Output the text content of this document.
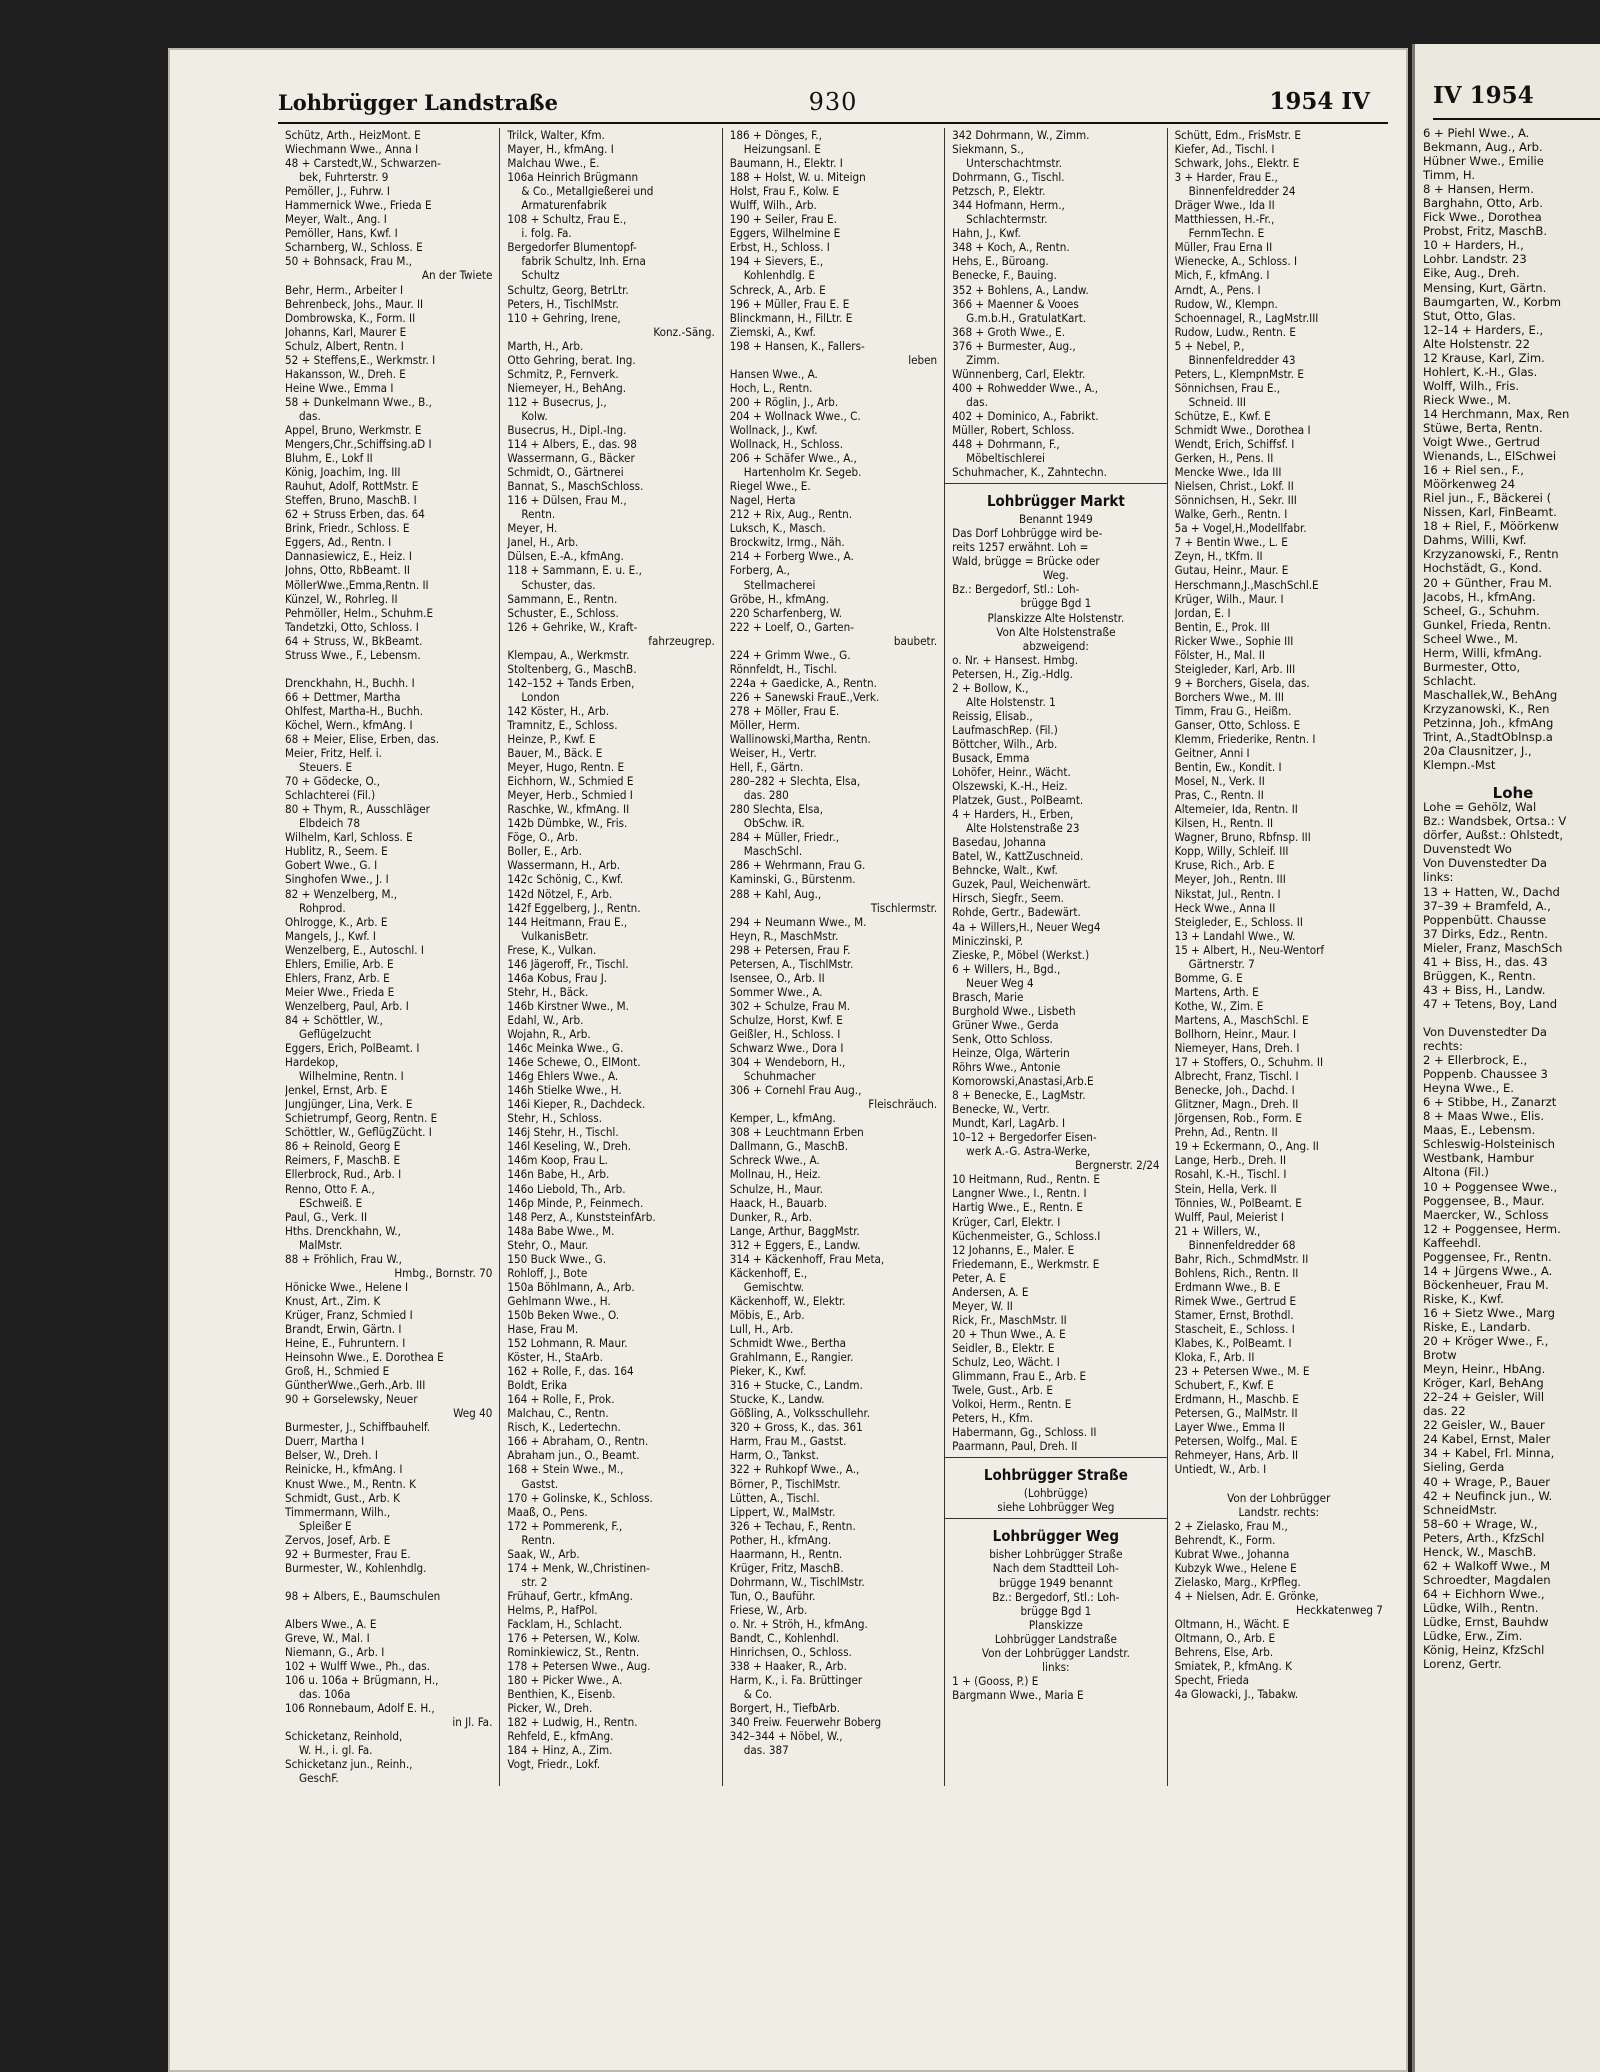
Lohbrügger Landstraße	930	1954 IV
Schütz, Arth., HeizMont. E
Wiechmann Wwe., Anna I
48 + Carstedt,W., Schwarzen-
bek, Fuhrterstr. 9
Pemöller, J., Fuhrw. I
Hammernick Wwe., Frieda E
Meyer, Walt., Ang. I
Pemöller, Hans, Kwf. I
Scharnberg, W., Schloss. E
50 + Bohnsack, Frau M.,
An der Twiete
Behr, Herm., Arbeiter I
Behrenbeck, Johs., Maur. II
Dombrowska, K., Form. II
Johanns, Karl, Maurer E
Schulz, Albert, Rentn. I
52 + Steffens,E., Werkmstr. I
Hakansson, W., Dreh. E
Heine Wwe., Emma I
58 + Dunkelmann Wwe., B.,
das.
Appel, Bruno, Werkmstr. E
Mengers,Chr.,Schiffsing.aD I
Bluhm, E., Lokf II
König, Joachim, Ing. III
Rauhut, Adolf, RottMstr. E
Steffen, Bruno, MaschB. I
62 + Struss Erben, das. 64
Brink, Friedr., Schloss. E
Eggers, Ad., Rentn. I
Dannasiewicz, E., Heiz. I
Johns, Otto, RbBeamt. II
MöllerWwe.,Emma,Rentn. II
Künzel, W., Rohrleg. II
Pehmöller, Helm., Schuhm.E
Tandetzki, Otto, Schloss. I
64 + Struss, W., BkBeamt.
Struss Wwe., F., Lebensm.

Drenckhahn, H., Buchh. I
66 + Dettmer, Martha
Ohlfest, Martha-H., Buchh.
Köchel, Wern., kfmAng. I
68 + Meier, Elise, Erben, das.
Meier, Fritz, Helf. i.
Steuers. E
70 + Gödecke, O.,
Schlachterei (Fil.)
80 + Thym, R., Ausschläger
Elbdeich 78
Wilhelm, Karl, Schloss. E
Hublitz, R., Seem. E
Gobert Wwe., G. I
Singhofen Wwe., J. I
82 + Wenzelberg, M.,
Rohprod.
Ohlrogge, K., Arb. E
Mangels, J., Kwf. I
Wenzelberg, E., Autoschl. I
Ehlers, Emilie, Arb. E
Ehlers, Franz, Arb. E
Meier Wwe., Frieda E
Wenzelberg, Paul, Arb. I
84 + Schöttler, W.,
Geflügelzucht
Eggers, Erich, PolBeamt. I
Hardekop,
Wilhelmine, Rentn. I
Jenkel, Ernst, Arb. E
Jungjünger, Lina, Verk. E
Schietrumpf, Georg, Rentn. E
Schöttler, W., GeflügZücht. I
86 + Reinold, Georg E
Reimers, F, MaschB. E
Ellerbrock, Rud., Arb. I
Renno, Otto F. A.,
ESchweiß. E
Paul, G., Verk. II
Hths. Drenckhahn, W.,
MalMstr.
88 + Fröhlich, Frau W.,
Hmbg., Bornstr. 70
Hönicke Wwe., Helene I
Knust, Art., Zim. K
Krüger, Franz, Schmied I
Brandt, Erwin, Gärtn. I
Heine, E., Fuhruntern. I
Heinsohn Wwe., E. Dorothea E
Groß, H., Schmied E
GüntherWwe.,Gerh.,Arb. III
90 + Gorselewsky, Neuer
Weg 40
Burmester, J., Schiffbauhelf.
Duerr, Martha I
Belser, W., Dreh. I
Reinicke, H., kfmAng. I
Knust Wwe., M., Rentn. K
Schmidt, Gust., Arb. K
Timmermann, Wilh.,
Spleißer E
Zervos, Josef, Arb. E
92 + Burmester, Frau E.
Burmester, W., Kohlenhdlg.

98 + Albers, E., Baumschulen

Albers Wwe., A. E
Greve, W., Mal. I
Niemann, G., Arb. I
102 + Wulff Wwe., Ph., das.
106 u. 106a + Brügmann, H.,
das. 106a
106 Ronnebaum, Adolf E. H.,
in Jl. Fa.
Schicketanz, Reinhold,
W. H., i. gl. Fa.
Schicketanz jun., Reinh.,
GeschF.
Trilck, Walter, Kfm.
Mayer, H., kfmAng. I
Malchau Wwe., E.
106a Heinrich Brügmann
& Co., Metallgießerei und
Armaturenfabrik
108 + Schultz, Frau E.,
i. folg. Fa.
Bergedorfer Blumentopf-
fabrik Schultz, Inh. Erna
Schultz
Schultz, Georg, BetrLtr.
Peters, H., TischlMstr.
110 + Gehring, Irene,
Konz.-Säng.
Marth, H., Arb.
Otto Gehring, berat. Ing.
Schmitz, P., Fernverk.
Niemeyer, H., BehAng.
112 + Busecrus, J.,
Kolw.
Busecrus, H., Dipl.-Ing.
114 + Albers, E., das. 98
Wassermann, G., Bäcker
Schmidt, O., Gärtnerei
Bannat, S., MaschSchloss.
116 + Dülsen, Frau M.,
Rentn.
Meyer, H.
Janel, H., Arb.
Dülsen, E.-A., kfmAng.
118 + Sammann, E. u. E.,
Schuster, das.
Sammann, E., Rentn.
Schuster, E., Schloss.
126 + Gehrike, W., Kraft-
fahrzeugrep.
Klempau, A., Werkmstr.
Stoltenberg, G., MaschB.
142–152 + Tands Erben,
London
142 Köster, H., Arb.
Tramnitz, E., Schloss.
Heinze, P., Kwf. E
Bauer, M., Bäck. E
Meyer, Hugo, Rentn. E
Eichhorn, W., Schmied E
Meyer, Herb., Schmied I
Raschke, W., kfmAng. II
142b Dümbke, W., Fris.
Föge, O., Arb.
Boller, E., Arb.
Wassermann, H., Arb.
142c Schönig, C., Kwf.
142d Nötzel, F., Arb.
142f Eggelberg, J., Rentn.
144 Heitmann, Frau E.,
VulkanisBetr.
Frese, K., Vulkan.
146 Jägeroff, Fr., Tischl.
146a Kobus, Frau J.
Stehr, H., Bäck.
146b Kirstner Wwe., M.
Edahl, W., Arb.
Wojahn, R., Arb.
146c Meinka Wwe., G.
146e Schewe, O., ElMont.
146g Ehlers Wwe., A.
146h Stielke Wwe., H.
146i Kieper, R., Dachdeck.
Stehr, H., Schloss.
146j Stehr, H., Tischl.
146l Keseling, W., Dreh.
146m Koop, Frau L.
146n Babe, H., Arb.
146o Liebold, Th., Arb.
146p Minde, P., Feinmech.
148 Perz, A., KunststeinfArb.
148a Babe Wwe., M.
Stehr, O., Maur.
150 Buck Wwe., G.
Rohloff, J., Bote
150a Böhlmann, A., Arb.
Gehlmann Wwe., H.
150b Beken Wwe., O.
Hase, Frau M.
152 Lohmann, R. Maur.
Köster, H., StaArb.
162 + Rolle, F., das. 164
Boldt, Erika
164 + Rolle, F., Prok.
Malchau, C., Rentn.
Risch, K., Ledertechn.
166 + Abraham, O., Rentn.
Abraham jun., O., Beamt.
168 + Stein Wwe., M.,
Gastst.
170 + Golinske, K., Schloss.
Maaß, O., Pens.
172 + Pommerenk, F.,
Rentn.
Saak, W., Arb.
174 + Menk, W.,Christinen-
str. 2
Frühauf, Gertr., kfmAng.
Helms, P., HafPol.
Facklam, H., Schlacht.
176 + Petersen, W., Kolw.
Rominkiewicz, St., Rentn.
178 + Petersen Wwe., Aug.
180 + Picker Wwe., A.
Benthien, K., Eisenb.
Picker, W., Dreh.
182 + Ludwig, H., Rentn.
Rehfeld, E., kfmAng.
184 + Hinz, A., Zim.
Vogt, Friedr., Lokf.
186 + Dönges, F.,
Heizungsanl. E
Baumann, H., Elektr. I
188 + Holst, W. u. Miteign
Holst, Frau F., Kolw. E
Wulff, Wilh., Arb.
190 + Seiler, Frau E.
Eggers, Wilhelmine E
Erbst, H., Schloss. I
194 + Sievers, E.,
Kohlenhdlg. E
Schreck, A., Arb. E
196 + Müller, Frau E. E
Blinckmann, H., FilLtr. E
Ziemski, A., Kwf.
198 + Hansen, K., Fallers-
leben
Hansen Wwe., A.
Hoch, L., Rentn.
200 + Röglin, J., Arb.
204 + Wollnack Wwe., C.
Wollnack, J., Kwf.
Wollnack, H., Schloss.
206 + Schäfer Wwe., A.,
Hartenholm Kr. Segeb.
Riegel Wwe., E.
Nagel, Herta
212 + Rix, Aug., Rentn.
Luksch, K., Masch.
Brockwitz, Irmg., Näh.
214 + Forberg Wwe., A.
Forberg, A.,
Stellmacherei
Gröbe, H., kfmAng.
220 Scharfenberg, W.
222 + Loelf, O., Garten-
baubetr.
224 + Grimm Wwe., G.
Rönnfeldt, H., Tischl.
224a + Gaedicke, A., Rentn.
226 + Sanewski FrauE.,Verk.
278 + Möller, Frau E.
Möller, Herm.
Wallinowski,Martha, Rentn.
Weiser, H., Vertr.
Hell, F., Gärtn.
280–282 + Slechta, Elsa,
das. 280
280 Slechta, Elsa,
ObSchw. iR.
284 + Müller, Friedr.,
MaschSchl.
286 + Wehrmann, Frau G.
Kaminski, G., Bürstenm.
288 + Kahl, Aug.,
Tischlermstr.
294 + Neumann Wwe., M.
Heyn, R., MaschMstr.
298 + Petersen, Frau F.
Petersen, A., TischlMstr.
Isensee, O., Arb. II
Sommer Wwe., A.
302 + Schulze, Frau M.
Schulze, Horst, Kwf. E
Geißler, H., Schloss. I
Schwarz Wwe., Dora I
304 + Wendeborn, H.,
Schuhmacher
306 + Cornehl Frau Aug.,
Fleischräuch.
Kemper, L., kfmAng.
308 + Leuchtmann Erben
Dallmann, G., MaschB.
Schreck Wwe., A.
Mollnau, H., Heiz.
Schulze, H., Maur.
Haack, H., Bauarb.
Dunker, R., Arb.
Lange, Arthur, BaggMstr.
312 + Eggers, E., Landw.
314 + Käckenhoff, Frau Meta,
Käckenhoff, E.,
Gemischtw.
Käckenhoff, W., Elektr.
Möbis, E., Arb.
Lull, H., Arb.
Schmidt Wwe., Bertha
Grahlmann, E., Rangier.
Pieker, K., Kwf.
316 + Stucke, C., Landm.
Stucke, K., Landw.
Gößling, A., Volksschullehr.
320 + Gross, K., das. 361
Harm, Frau M., Gastst.
Harm, O., Tankst.
322 + Ruhkopf Wwe., A.,
Börner, P., TischlMstr.
Lütten, A., Tischl.
Lippert, W., MalMstr.
326 + Techau, F., Rentn.
Pother, H., kfmAng.
Haarmann, H., Rentn.
Krüger, Fritz, MaschB.
Dohrmann, W., TischlMstr.
Tun, O., Bauführ.
Friese, W., Arb.
o. Nr. + Ströh, H., kfmAng.
Bandt, C., Kohlenhdl.
Hinrichsen, O., Schloss.
338 + Haaker, R., Arb.
Harm, K., i. Fa. Brüttinger
& Co.
Borgert, H., TiefbArb.
340 Freiw. Feuerwehr Boberg
342–344 + Nöbel, W.,
das. 387
342 Dohrmann, W., Zimm.
Siekmann, S.,
Unterschachtmstr.
Dohrmann, G., Tischl.
Petzsch, P., Elektr.
344 Hofmann, Herm.,
Schlachtermstr.
Hahn, J., Kwf.
348 + Koch, A., Rentn.
Hehs, E., Büroang.
Benecke, F., Bauing.
352 + Bohlens, A., Landw.
366 + Maenner & Vooes
G.m.b.H., GratulatKart.
368 + Groth Wwe., E.
376 + Burmester, Aug.,
Zimm.
Wünnenberg, Carl, Elektr.
400 + Rohwedder Wwe., A.,
das.
402 + Dominico, A., Fabrikt.
Müller, Robert, Schloss.
448 + Dohrmann, F.,
Möbeltischlerei
Schuhmacher, K., Zahntechn.
Lohbrügger Markt
Benannt 1949
Das Dorf Lohbrügge wird be-
reits 1257 erwähnt. Loh =
Wald, brügge = Brücke oder
Weg.
Bz.: Bergedorf, Stl.: Loh-
brügge Bgd 1
Planskizze Alte Holstenstr.
Von Alte Holstenstraße
abzweigend:
o. Nr. + Hansest. Hmbg.
Petersen, H., Zig.-Hdlg.
2 + Bollow, K.,
Alte Holstenstr. 1
Reissig, Elisab.,
LaufmaschRep. (Fil.)
Böttcher, Wilh., Arb.
Busack, Emma
Lohöfer, Heinr., Wächt.
Olszewski, K.-H., Heiz.
Platzek, Gust., PolBeamt.
4 + Harders, H., Erben,
Alte Holstenstraße 23
Basedau, Johanna
Batel, W., KattZuschneid.
Behncke, Walt., Kwf.
Guzek, Paul, Weichenwärt.
Hirsch, Siegfr., Seem.
Rohde, Gertr., Badewärt.
4a + Willers,H., Neuer Weg4
Miniczinski, P.
Zieske, P., Möbel (Werkst.)
6 + Willers, H., Bgd.,
Neuer Weg 4
Brasch, Marie
Burghold Wwe., Lisbeth
Grüner Wwe., Gerda
Senk, Otto Schloss.
Heinze, Olga, Wärterin
Röhrs Wwe., Antonie
Komorowski,Anastasi,Arb.E
8 + Benecke, E., LagMstr.
Benecke, W., Vertr.
Mundt, Karl, LagArb. I
10–12 + Bergedorfer Eisen-
werk A.-G. Astra-Werke,
Bergnerstr. 2/24
10 Heitmann, Rud., Rentn. E
Langner Wwe., I., Rentn. I
Hartig Wwe., E., Rentn. E
Krüger, Carl, Elektr. I
Küchenmeister, G., Schloss.I
12 Johanns, E., Maler. E
Friedemann, E., Werkmstr. E
Peter, A. E
Andersen, A. E
Meyer, W. II
Rick, Fr., MaschMstr. II
20 + Thun Wwe., A. E
Seidler, B., Elektr. E
Schulz, Leo, Wächt. I
Glimmann, Frau E., Arb. E
Twele, Gust., Arb. E
Volkoi, Herm., Rentn. E
Peters, H., Kfm.
Habermann, Gg., Schloss. II
Paarmann, Paul, Dreh. II
Lohbrügger Straße
(Lohbrügge)
siehe Lohbrügger Weg
Lohbrügger Weg
bisher Lohbrügger Straße
Nach dem Stadtteil Loh-
brügge 1949 benannt
Bz.: Bergedorf, Stl.: Loh-
brügge Bgd 1
Planskizze
Lohbrügger Landstraße
Von der Lohbrügger Landstr.
links:
1 + (Gooss, P.) E
Bargmann Wwe., Maria E
Schütt, Edm., FrisMstr. E
Kiefer, Ad., Tischl. I
Schwark, Johs., Elektr. E
3 + Harder, Frau E.,
Binnenfeldredder 24
Dräger Wwe., Ida II
Matthiessen, H.-Fr.,
FernmTechn. E
Müller, Frau Erna II
Wienecke, A., Schloss. I
Mich, F., kfmAng. I
Arndt, A., Pens. I
Rudow, W., Klempn.
Schoennagel, R., LagMstr.III
Rudow, Ludw., Rentn. E
5 + Nebel, P.,
Binnenfeldredder 43
Peters, L., KlempnMstr. E
Sönnichsen, Frau E.,
Schneid. III
Schütze, E., Kwf. E
Schmidt Wwe., Dorothea I
Wendt, Erich, Schiffsf. I
Gerken, H., Pens. II
Mencke Wwe., Ida III
Nielsen, Christ., Lokf. II
Sönnichsen, H., Sekr. III
Walke, Gerh., Rentn. I
5a + Vogel,H.,Modellfabr.
7 + Bentin Wwe., L. E
Zeyn, H., tKfm. II
Gutau, Heinr., Maur. E
Herschmann,J.,MaschSchl.E
Krüger, Wilh., Maur. I
Jordan, E. I
Bentin, E., Prok. III
Ricker Wwe., Sophie III
Fölster, H., Mal. II
Steigleder, Karl, Arb. III
9 + Borchers, Gisela, das.
Borchers Wwe., M. III
Timm, Frau G., Heißm.
Ganser, Otto, Schloss. E
Klemm, Friederike, Rentn. I
Geitner, Anni I
Bentin, Ew., Kondit. I
Mosel, N., Verk. II
Pras, C., Rentn. II
Altemeier, Ida, Rentn. II
Kilsen, H., Rentn. II
Wagner, Bruno, Rbfnsp. III
Kopp, Willy, Schleif. III
Kruse, Rich., Arb. E
Meyer, Joh., Rentn. III
Nikstat, Jul., Rentn. I
Heck Wwe., Anna II
Steigleder, E., Schloss. II
13 + Landahl Wwe., W.
15 + Albert, H., Neu-Wentorf
Gärtnerstr. 7
Bomme, G. E
Martens, Arth. E
Kothe, W., Zim. E
Martens, A., MaschSchl. E
Bollhorn, Heinr., Maur. I
Niemeyer, Hans, Dreh. I
17 + Stoffers, O., Schuhm. II
Albrecht, Franz, Tischl. I
Benecke, Joh., Dachd. I
Glitzner, Magn., Dreh. II
Jörgensen, Rob., Form. E
Prehn, Ad., Rentn. II
19 + Eckermann, O., Ang. II
Lange, Herb., Dreh. II
Rosahl, K.-H., Tischl. I
Stein, Hella, Verk. II
Tönnies, W., PolBeamt. E
Wulff, Paul, Meierist I
21 + Willers, W.,
Binnenfeldredder 68
Bahr, Rich., SchmdMstr. II
Bohlens, Rich., Rentn. II
Erdmann Wwe., B. E
Rimek Wwe., Gertrud E
Stamer, Ernst, Brothdl.
Stascheit, E., Schloss. I
Klabes, K., PolBeamt. I
Kloka, F., Arb. II
23 + Petersen Wwe., M. E
Schubert, F., Kwf. E
Erdmann, H., Maschb. E
Petersen, G., MalMstr. II
Layer Wwe., Emma II
Petersen, Wolfg., Mal. E
Rehmeyer, Hans, Arb. II
Untiedt, W., Arb. I

Von der Lohbrügger
Landstr. rechts:
2 + Zielasko, Frau M.,
Behrendt, K., Form.
Kubrat Wwe., Johanna
Kubzyk Wwe., Helene E
Zielasko, Marg., KrPfleg.
4 + Nielsen, Adr. E. Grönke,
Heckkatenweg 7
Oltmann, H., Wächt. E
Oltmann, O., Arb. E
Behrens, Else, Arb.
Smiatek, P., kfmAng. K
Specht, Frieda
4a Glowacki, J., Tabakw.
IV 1954
6 + Piehl Wwe., A.
Bekmann, Aug., Arb.
Hübner Wwe., Emilie
Timm, H.
8 + Hansen, Herm.
Barghahn, Otto, Arb.
Fick Wwe., Dorothea
Probst, Fritz, MaschB.
10 + Harders, H.,
Lohbr. Landstr. 23
Eike, Aug., Dreh.
Mensing, Kurt, Gärtn.
Baumgarten, W., Korbm
Stut, Otto, Glas.
12–14 + Harders, E.,
Alte Holstenstr. 22
12 Krause, Karl, Zim.
Hohlert, K.-H., Glas.
Wolff, Wilh., Fris.
Rieck Wwe., M.
14 Herchmann, Max, Ren
Stüwe, Berta, Rentn.
Voigt Wwe., Gertrud
Wienands, L., ElSchwei
16 + Riel sen., F.,
Möörkenweg 24
Riel jun., F., Bäckerei (
Nissen, Karl, FinBeamt.
18 + Riel, F., Möörkenw
Dahms, Willi, Kwf.
Krzyzanowski, F., Rentn
Hochstädt, G., Kond.
20 + Günther, Frau M.
Jacobs, H., kfmAng.
Scheel, G., Schuhm.
Gunkel, Frieda, Rentn.
Scheel Wwe., M.
Herm, Willi, kfmAng.
Burmester, Otto,
Schlacht.
Maschallek,W., BehAng
Krzyzanowski, K., Ren
Petzinna, Joh., kfmAng
Trint, A.,StadtOblnsp.a
20a Clausnitzer, J.,
Klempn.-Mst

Lohe
Lohe = Gehölz, Wal
Bz.: Wandsbek, Ortsa.: V
dörfer, Außst.: Ohlstedt,
Duvenstedt Wo
Von Duvenstedter Da
links:
13 + Hatten, W., Dachd
37–39 + Bramfeld, A.,
Poppenbütt. Chausse
37 Dirks, Edz., Rentn.
Mieler, Franz, MaschSch
41 + Biss, H., das. 43
Brüggen, K., Rentn.
43 + Biss, H., Landw.
47 + Tetens, Boy, Land

Von Duvenstedter Da
rechts:
2 + Ellerbrock, E.,
Poppenb. Chaussee 3
Heyna Wwe., E.
6 + Stibbe, H., Zanarzt
8 + Maas Wwe., Elis.
Maas, E., Lebensm.
Schleswig-Holsteinisch
Westbank, Hambur
Altona (Fil.)
10 + Poggensee Wwe.,
Poggensee, B., Maur.
Maercker, W., Schloss
12 + Poggensee, Herm.
Kaffeehdl.
Poggensee, Fr., Rentn.
14 + Jürgens Wwe., A.
Böckenheuer, Frau M.
Riske, K., Kwf.
16 + Sietz Wwe., Marg
Riske, E., Landarb.
20 + Kröger Wwe., F.,
Brotw
Meyn, Heinr., HbAng.
Kröger, Karl, BehAng
22–24 + Geisler, Will
das. 22
22 Geisler, W., Bauer
24 Kabel, Ernst, Maler
34 + Kabel, Frl. Minna,
Sieling, Gerda
40 + Wrage, P., Bauer
42 + Neufinck jun., W.
SchneidMstr.
58–60 + Wrage, W.,
Peters, Arth., KfzSchl
Henck, W., MaschB.
62 + Walkoff Wwe., M
Schroedter, Magdalen
64 + Eichhorn Wwe.,
Lüdke, Wilh., Rentn.
Lüdke, Ernst, Bauhdw
Lüdke, Erw., Zim.
König, Heinz, KfzSchl
Lorenz, Gertr.
